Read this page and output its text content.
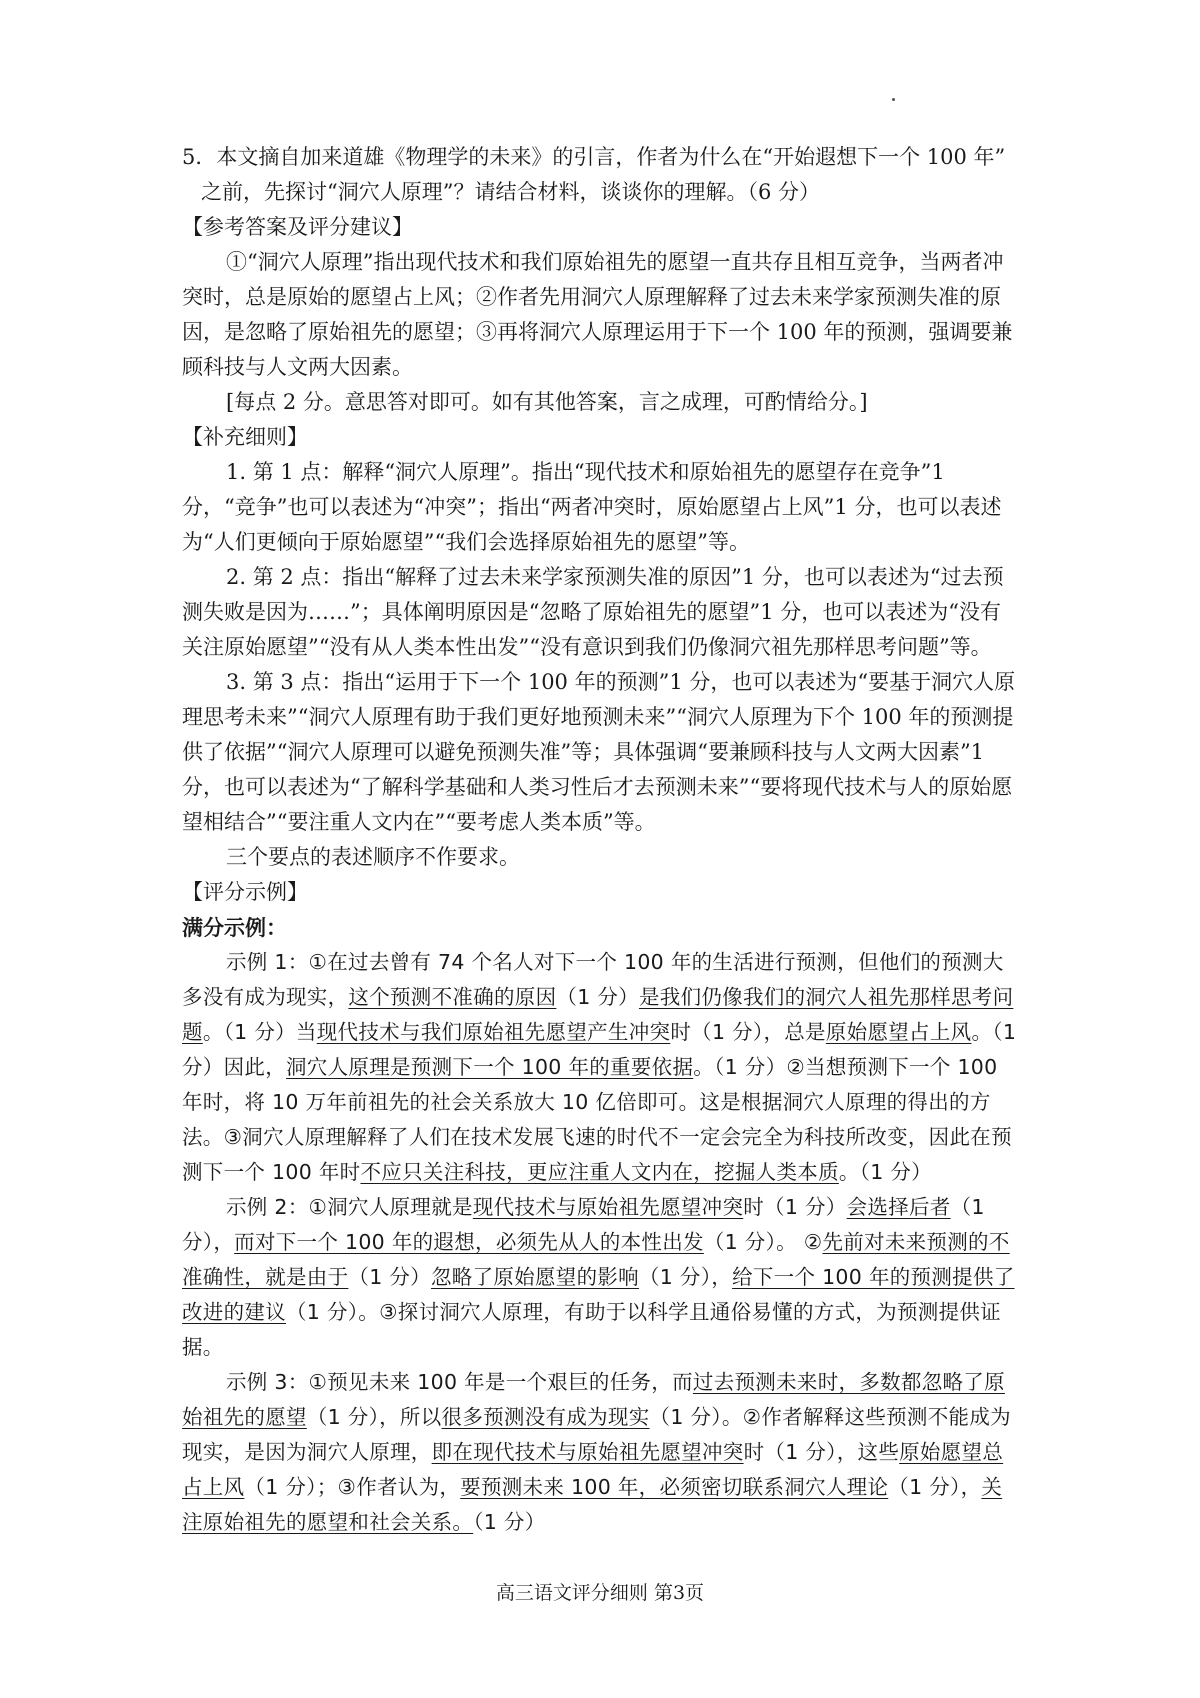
5．本文摘自加来道雄《物理学的未来》的引言，作者为什么在“开始遐想下一个 100 年”
之前，先探讨“洞穴人原理”？请结合材料，谈谈你的理解。（6 分）

【参考答案及评分建议】

①“洞穴人原理”指出现代技术和我们原始祖先的愿望一直共存且相互竞争，当两者冲突时，总是原始的愿望占上风；②作者先用洞穴人原理解释了过去未来学家预测失准的原因，是忽略了原始祖先的愿望；③再将洞穴人原理运用于下一个 100 年的预测，强调要兼顾科技与人文两大因素。

[每点 2 分。意思答对即可。如有其他答案，言之成理，可酌情给分。]

【补充细则】

1. 第 1 点：解释“洞穴人原理”。指出“现代技术和原始祖先的愿望存在竞争”1 分，“竞争”也可以表述为“冲突”；指出“两者冲突时，原始愿望占上风”1 分，也可以表述为“人们更倾向于原始愿望”“我们会选择原始祖先的愿望”等。

2. 第 2 点：指出“解释了过去未来学家预测失准的原因”1 分，也可以表述为“过去预测失败是因为……”；具体阐明原因是“忽略了原始祖先的愿望”1 分，也可以表述为“没有关注原始愿望”“没有从人类本性出发”“没有意识到我们仍像洞穴祖先那样思考问题”等。

3. 第 3 点：指出“运用于下一个 100 年的预测”1 分，也可以表述为“要基于洞穴人原理思考未来”“洞穴人原理有助于我们更好地预测未来”“洞穴人原理为下个 100 年的预测提供了依据”“洞穴人原理可以避免预测失准”等；具体强调“要兼顾科技与人文两大因素”1 分，也可以表述为“了解科学基础和人类习性后才去预测未来”“要将现代技术与人的原始愿望相结合”“要注重人文内在”“要考虑人类本质”等。

三个要点的表述顺序不作要求。

【评分示例】

满分示例：

示例 1：①在过去曾有 74 个名人对下一个 100 年的生活进行预测，但他们的预测大多没有成为现实，这个预测不准确的原因（1 分）是我们仍像我们的洞穴人祖先那样思考问题。（1 分）当现代技术与我们原始祖先愿望产生冲突时（1 分），总是原始愿望占上风。（1 分）因此，洞穴人原理是预测下一个 100 年的重要依据。（1 分）②当想预测下一个 100 年时，将 10 万年前祖先的社会关系放大 10 亿倍即可。这是根据洞穴人原理的得出的方法。③洞穴人原理解释了人们在技术发展飞速的时代不一定会完全为科技所改变，因此在预测下一个 100 年时不应只关注科技，更应注重人文内在，挖掘人类本质。（1 分）

示例 2：①洞穴人原理就是现代技术与原始祖先愿望冲突时（1 分）会选择后者（1 分），而对下一个 100 年的遐想，必须先从人的本性出发（1 分）。 ②先前对未来预测的不准确性，就是由于（1 分）忽略了原始愿望的影响（1 分），给下一个 100 年的预测提供了改进的建议（1 分）。③探讨洞穴人原理，有助于以科学且通俗易懂的方式，为预测提供证据。

示例 3：①预见未来 100 年是一个艰巨的任务，而过去预测未来时，多数都忽略了原始祖先的愿望（1 分），所以很多预测没有成为现实（1 分）。②作者解释这些预测不能成为现实，是因为洞穴人原理，即在现代技术与原始祖先愿望冲突时（1 分），这些原始愿望总占上风（1 分）；③作者认为，要预测未来 100 年，必须密切联系洞穴人理论（1 分），关注原始祖先的愿望和社会关系。（1 分）

高三语文评分细则 第3页
